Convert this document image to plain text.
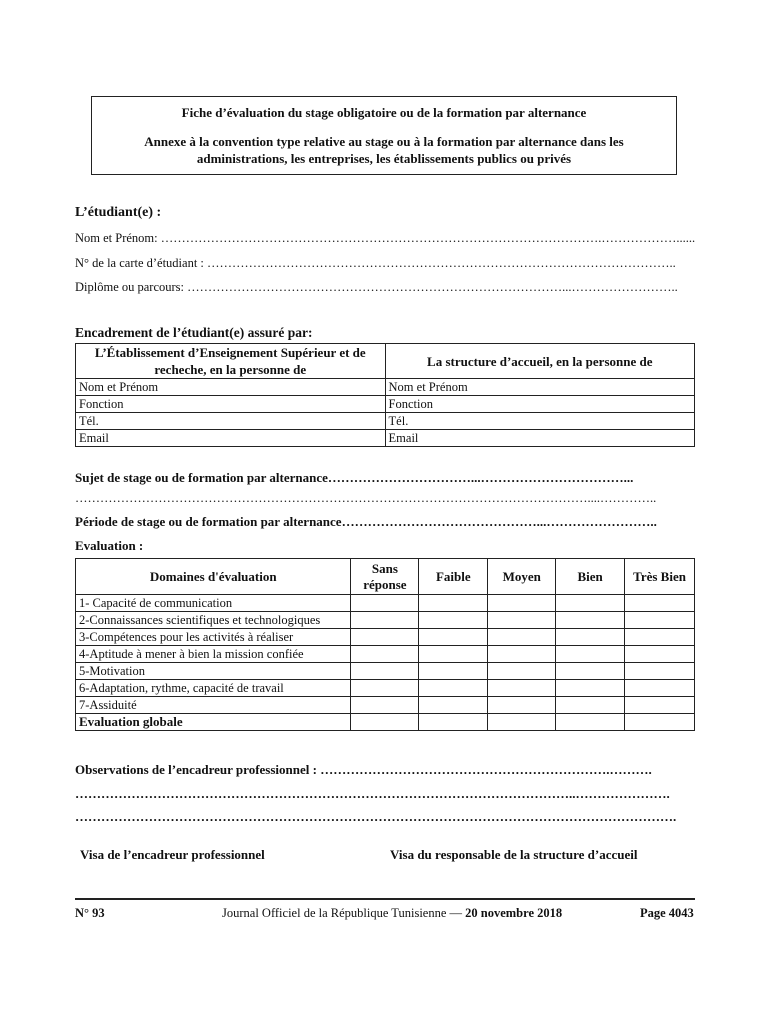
Fiche d’évaluation du stage obligatoire ou de la formation par alternance
Annexe à la convention type relative au stage ou à la formation par alternance dans les administrations, les entreprises, les établissements publics ou privés
L’étudiant(e) :
Nom et Prénom: …………………………………………………………………………………………….………………......
N° de la carte d’étudiant : …………………………………………………………………………………………………..
Diplôme ou parcours: ………………………………………………………………………………...……………………..
Encadrement de l’étudiant(e) assuré par:
L’Établissement d’Enseignement Supérieur et de recheche, en la personne de	La structure d’accueil, en la personne de
Nom et Prénom	Nom et Prénom
Fonction	Fonction
Tél.	Tél.
Email	Email
Sujet de stage ou de formation par alternance……………………………...……………………………...
……………………………………………………………………………………………………………....…………..
Période de stage ou de formation par alternance………………………………………...……………………..
Evaluation :
Domaines d'évaluation	Sans réponse	Faible	Moyen	Bien	Très Bien
1- Capacité de communication					
2-Connaissances scientifiques et technologiques					
3-Compétences pour les activités à réaliser					
4-Aptitude à mener à bien la mission confiée					
5-Motivation					
6-Adaptation, rythme, capacité de travail					
7-Assiduité					
Evaluation globale					
Observations de l’encadreur professionnel : ………………………………………………………….……….
……………………………………………………………………………………………………..………………….
………………………………………………………………………………………………………………………….
Visa de l’encadreur professionnel	Visa du responsable de la structure d’accueil
N° 93	Journal Officiel de la République Tunisienne — 20 novembre 2018	Page 4043
